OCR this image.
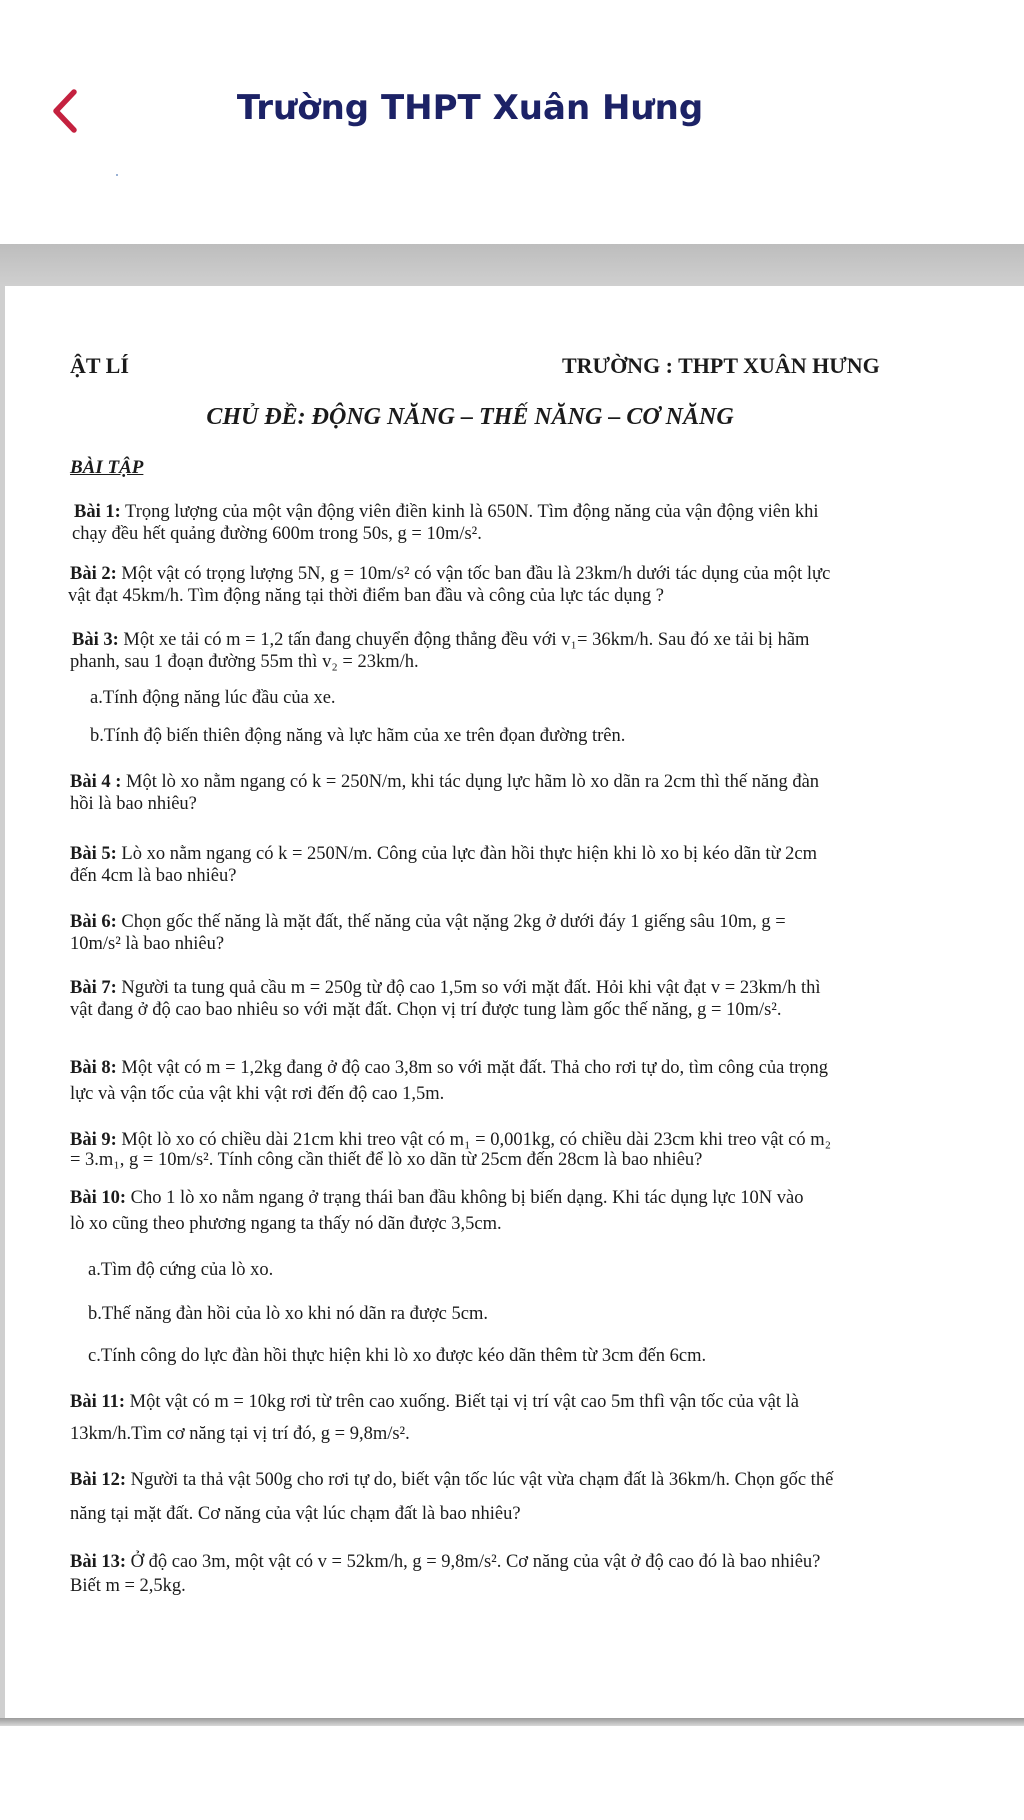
Trường THPT Xuân Hưng
ẬT LÍ	TRƯỜNG : THPT XUÂN HƯNG
CHỦ ĐỀ: ĐỘNG NĂNG – THẾ NĂNG – CƠ NĂNG
BÀI TẬP
Bài 1: Trọng lượng của một vận động viên điền kinh là 650N. Tìm động năng của vận động viên khi
chạy đều hết quảng đường 600m trong 50s, g = 10m/s².
Bài 2: Một vật có trọng lượng 5N, g = 10m/s² có vận tốc ban đầu là 23km/h dưới tác dụng của một lực
vật đạt 45km/h. Tìm động năng tại thời điểm ban đầu và công của lực tác dụng ?
Bài 3: Một xe tải có m = 1,2 tấn đang chuyển động thẳng đều với v₁= 36km/h. Sau đó xe tải bị hãm
phanh, sau 1 đoạn đường 55m thì v₂ = 23km/h.
a.Tính động năng lúc đầu của xe.
b.Tính độ biến thiên động năng và lực hãm của xe trên đọan đường trên.
Bài 4 : Một lò xo nằm ngang có k = 250N/m, khi tác dụng lực hãm lò xo dãn ra 2cm thì thế năng đàn
hồi là bao nhiêu?
Bài 5: Lò xo nằm ngang có k = 250N/m. Công của lực đàn hồi thực hiện khi lò xo bị kéo dãn từ 2cm
đến 4cm là bao nhiêu?
Bài 6: Chọn gốc thế năng là mặt đất, thế năng của vật nặng 2kg ở dưới đáy 1 giếng sâu 10m, g =
10m/s² là bao nhiêu?
Bài 7: Người ta tung quả cầu m = 250g từ độ cao 1,5m so với mặt đất. Hỏi khi vật đạt v = 23km/h thì
vật đang ở độ cao bao nhiêu so với mặt đất. Chọn vị trí được tung làm gốc thế năng, g = 10m/s².
Bài 8: Một vật có m = 1,2kg đang ở độ cao 3,8m so với mặt đất. Thả cho rơi tự do, tìm công của trọng
lực và vận tốc của vật khi vật rơi đến độ cao 1,5m.
Bài 9: Một lò xo có chiều dài 21cm khi treo vật có m₁ = 0,001kg, có chiều dài 23cm khi treo vật có m₂
= 3.m₁, g = 10m/s². Tính công cần thiết để lò xo dãn từ 25cm đến 28cm là bao nhiêu?
Bài 10: Cho 1 lò xo nằm ngang ở trạng thái ban đầu không bị biến dạng. Khi tác dụng lực 10N vào
lò xo cũng theo phương ngang ta thấy nó dãn được 3,5cm.
a.Tìm độ cứng của lò xo.
b.Thế năng đàn hồi của lò xo khi nó dãn ra được 5cm.
c.Tính công do lực đàn hồi thực hiện khi lò xo được kéo dãn thêm từ 3cm đến 6cm.
Bài 11: Một vật có m = 10kg rơi từ trên cao xuống. Biết tại vị trí vật cao 5m thfì vận tốc của vật là
13km/h.Tìm cơ năng tại vị trí đó, g = 9,8m/s².
Bài 12: Người ta thả vật 500g cho rơi tự do, biết vận tốc lúc vật vừa chạm đất là 36km/h. Chọn gốc thế
năng tại mặt đất. Cơ năng của vật lúc chạm đất là bao nhiêu?
Bài 13: Ở độ cao 3m, một vật có v = 52km/h, g = 9,8m/s². Cơ năng của vật ở độ cao đó là bao nhiêu?
Biết m = 2,5kg.
